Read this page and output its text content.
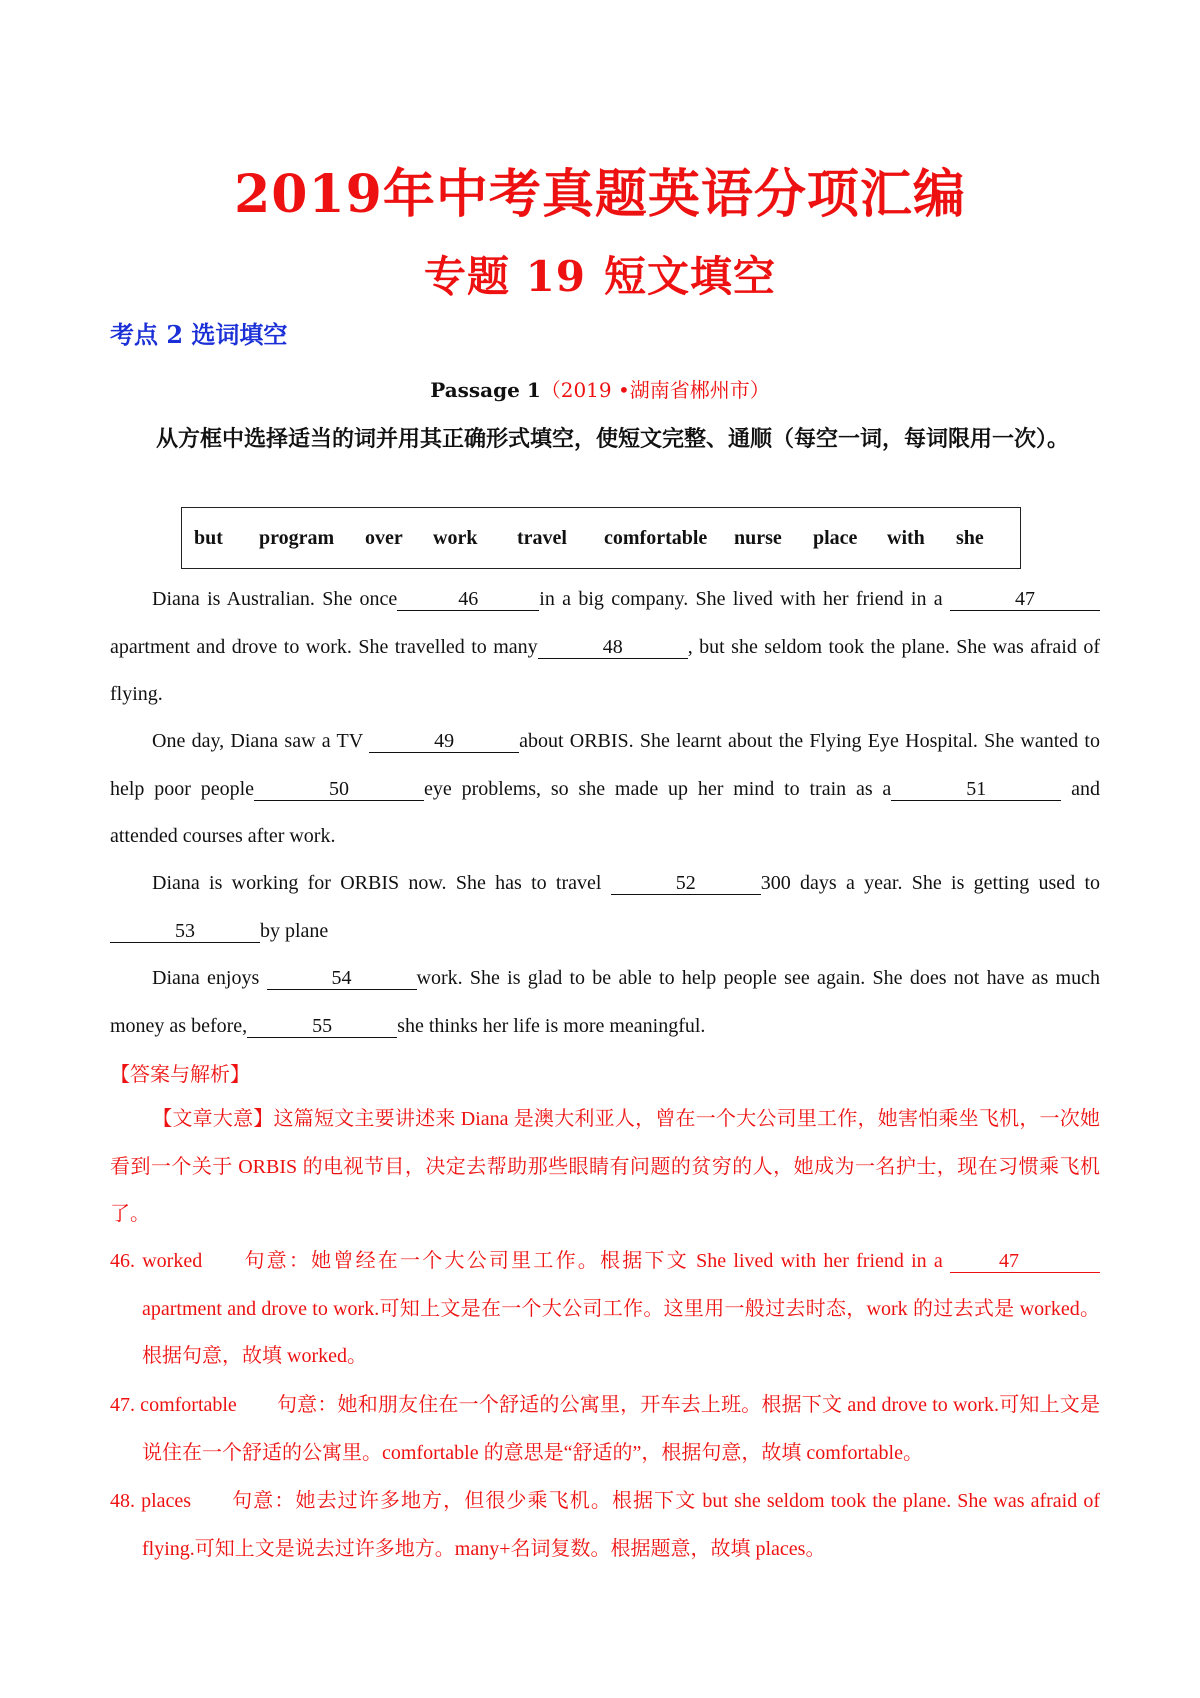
2019年中考真题英语分项汇编
专题 19 短文填空
考点 2 选词填空
Passage 1（2019 •湖南省郴州市）
从方框中选择适当的词并用其正确形式填空，使短文完整、通顺（每空一词，每词限用一次）。
but program over work travel comfortable nurse place with she
Diana is Australian. She once	46	in a big company. She lived with her friend in a	47apartment and drove to work. She travelled to many	48	, but she seldom took the plane. She was afraid of flying.
One day, Diana saw a TV	49	about ORBIS. She learnt about the Flying Eye Hospital. She wanted to help poor people	50	eye problems, so she made up her mind to train as a	51	and attended courses after work.
Diana is working for ORBIS now. She has to travel	52	300 days a year. She is getting used to53	by plane
Diana enjoys	54	work. She is glad to be able to help people see again. She does not have as much money as before,	55	she thinks her life is more meaningful.
【答案与解析】
【文章大意】这篇短文主要讲述来 Diana 是澳大利亚人，曾在一个大公司里工作，她害怕乘坐飞机，一次她看到一个关于 ORBIS 的电视节目，决定去帮助那些眼睛有问题的贫穷的人，她成为一名护士，现在习惯乘飞机了。
46. worked 句意：她曾经在一个大公司里工作。根据下文 She lived with her friend in a 47 apartment and drove to work.可知上文是在一个大公司工作。这里用一般过去时态，work 的过去式是 worked。根据句意，故填 worked。
47. comfortable 句意：她和朋友住在一个舒适的公寓里，开车去上班。根据下文 and drove to work.可知上文是说住在一个舒适的公寓里。comfortable 的意思是“舒适的”，根据句意，故填 comfortable。
48. places 句意：她去过许多地方，但很少乘飞机。根据下文 but she seldom took the plane. She was afraid of flying.可知上文是说去过许多地方。many+名词复数。根据题意，故填 places。
